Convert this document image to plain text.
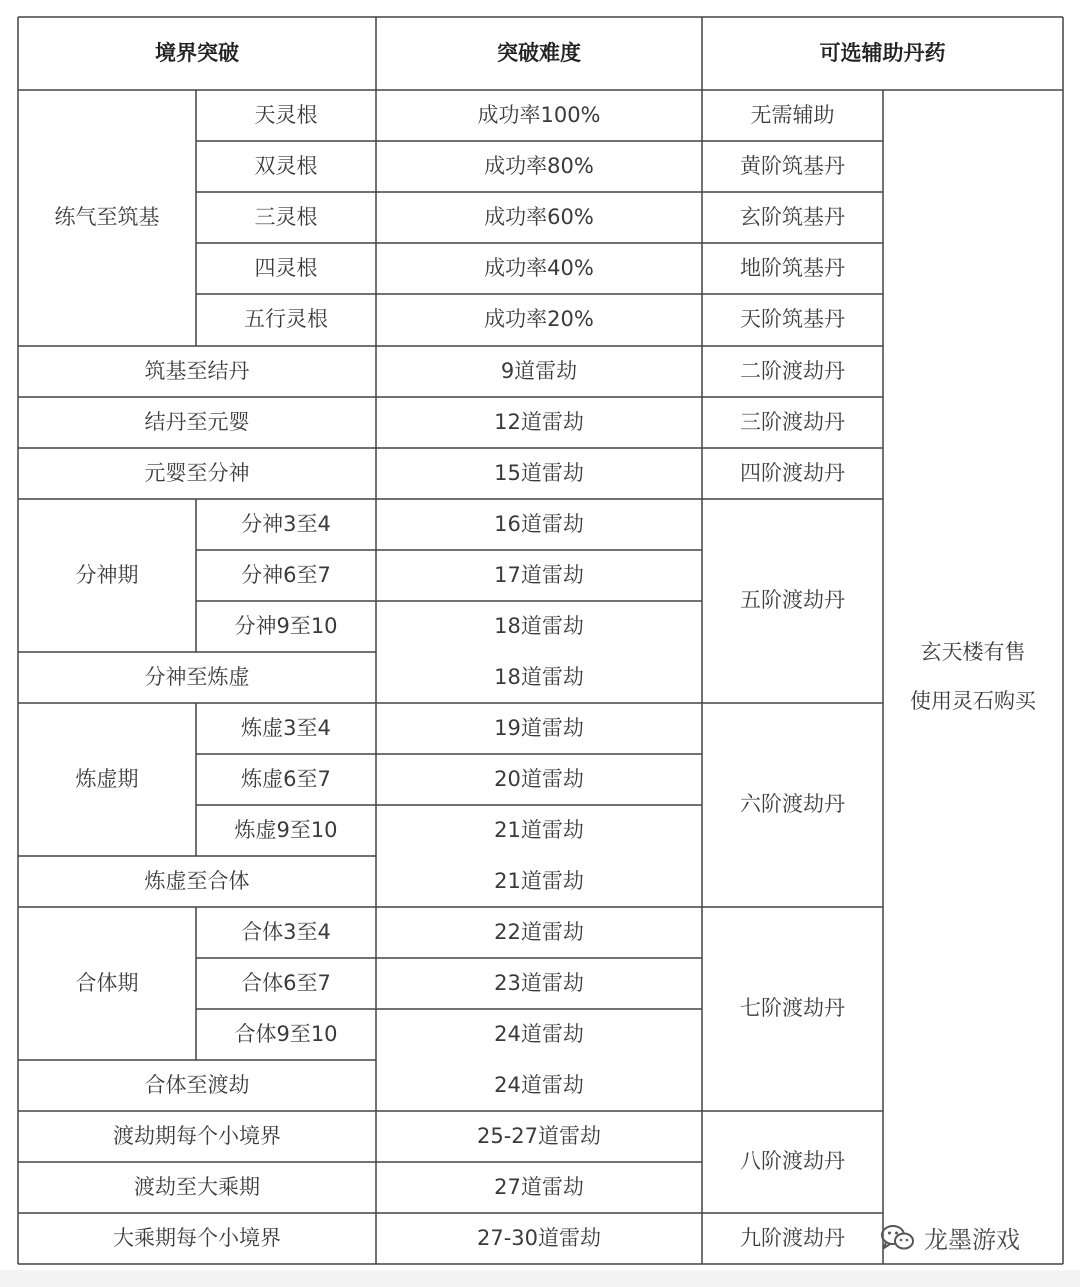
境界突破	突破难度	可选辅助丹药
练气至筑基
筑基至结丹
结丹至元婴
元婴至分神
分神期
分神至炼虚
炼虚期
炼虚至合体
合体期
合体至渡劫
渡劫期每个小境界
渡劫至大乘期
大乘期每个小境界
天灵根
双灵根
三灵根
四灵根
五行灵根
分神3至4
分神6至7
分神9至10
炼虚3至4
炼虚6至7
炼虚9至10
合体3至4
合体6至7
合体9至10
成功率100%
成功率80%
成功率60%
成功率40%
成功率20%
9道雷劫
12道雷劫
15道雷劫
16道雷劫
17道雷劫
18道雷劫
18道雷劫
19道雷劫
20道雷劫
21道雷劫
21道雷劫
22道雷劫
23道雷劫
24道雷劫
24道雷劫
25-27道雷劫
27道雷劫
27-30道雷劫
无需辅助
黄阶筑基丹
玄阶筑基丹
地阶筑基丹
天阶筑基丹
二阶渡劫丹
三阶渡劫丹
四阶渡劫丹
五阶渡劫丹
六阶渡劫丹
七阶渡劫丹
八阶渡劫丹
九阶渡劫丹
玄天楼有售
使用灵石购买
龙墨游戏
